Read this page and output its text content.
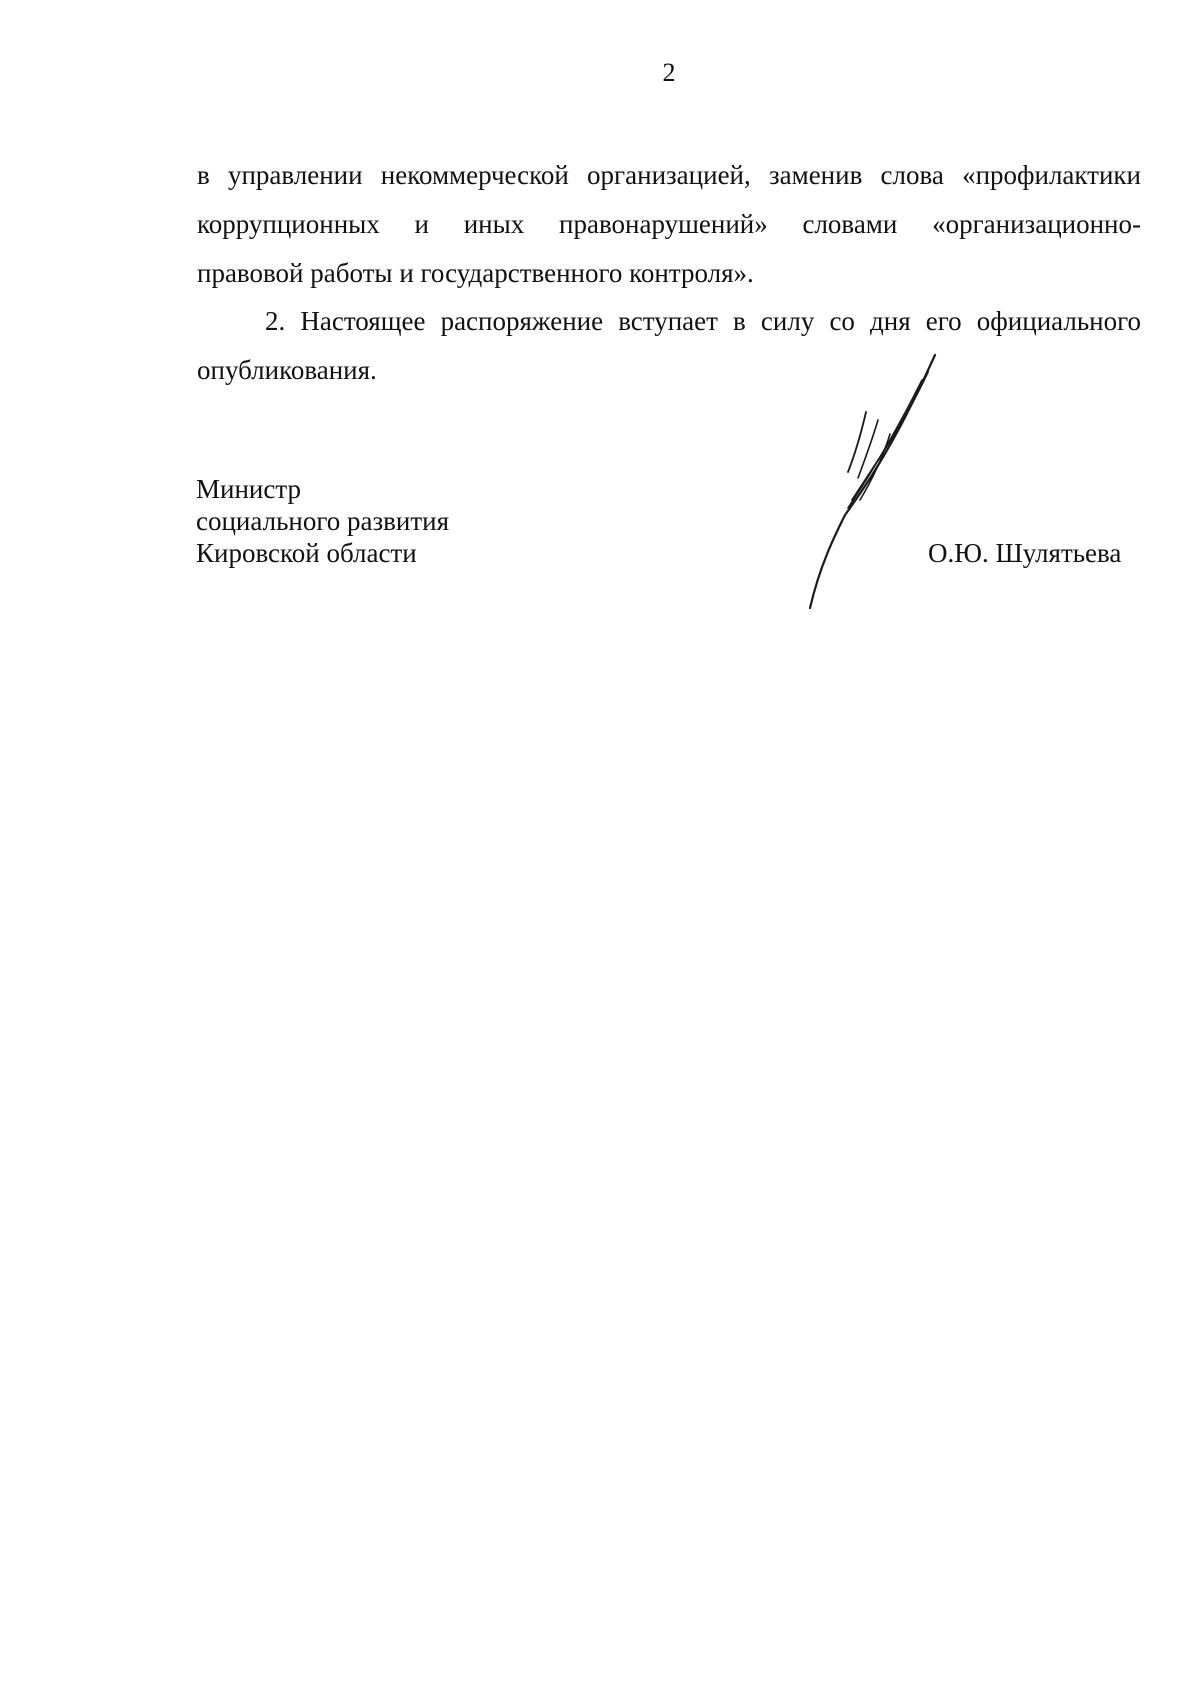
2
в управлении некоммерческой организацией, заменив слова «профилактики
коррупционных и иных правонарушений» словами «организационно-
правовой работы и государственного контроля».
2. Настоящее распоряжение вступает в силу со дня его официального
опубликования.
Министр
социального развития
Кировской области	О.Ю. Шулятьева
